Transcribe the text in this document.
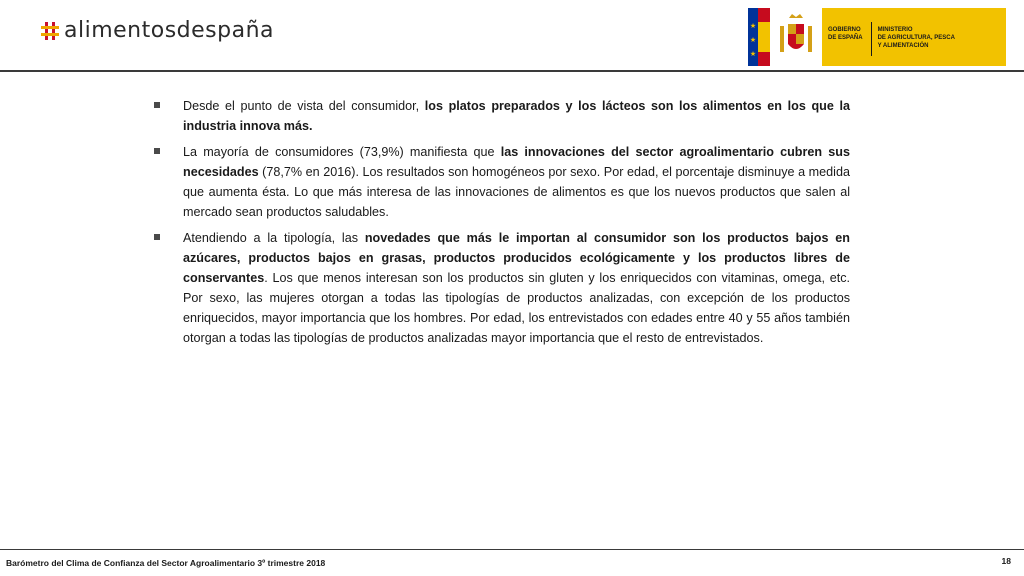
alimentosdespaña	★
★
★
GOBIERNO
DE ESPAÑA
MINISTERIO
DE AGRICULTURA, PESCA
Y ALIMENTACIÓN
Desde el punto de vista del consumidor, los platos preparados y los lácteos son los alimentos en los que la industria innova más.
La mayoría de consumidores (73,9%) manifiesta que las innovaciones del sector agroalimentario cubren sus necesidades (78,7% en 2016). Los resultados son homogéneos por sexo. Por edad, el porcentaje disminuye a medida que aumenta ésta. Lo que más interesa de las innovaciones de alimentos es que los nuevos productos que salen al mercado sean productos saludables.
Atendiendo a la tipología, las novedades que más le importan al consumidor son los productos bajos en azúcares, productos bajos en grasas, productos producidos ecológicamente y los productos libres de conservantes. Los que menos interesan son los productos sin gluten y los enriquecidos con vitaminas, omega, etc. Por sexo, las mujeres otorgan a todas las tipologías de productos analizadas, con excepción de los productos enriquecidos, mayor importancia que los hombres. Por edad, los entrevistados con edades entre 40 y 55 años también otorgan a todas las tipologías de productos analizadas mayor importancia que el resto de entrevistados.
Barómetro del Clima de Confianza del Sector Agroalimentario 3º trimestre 2018	18
